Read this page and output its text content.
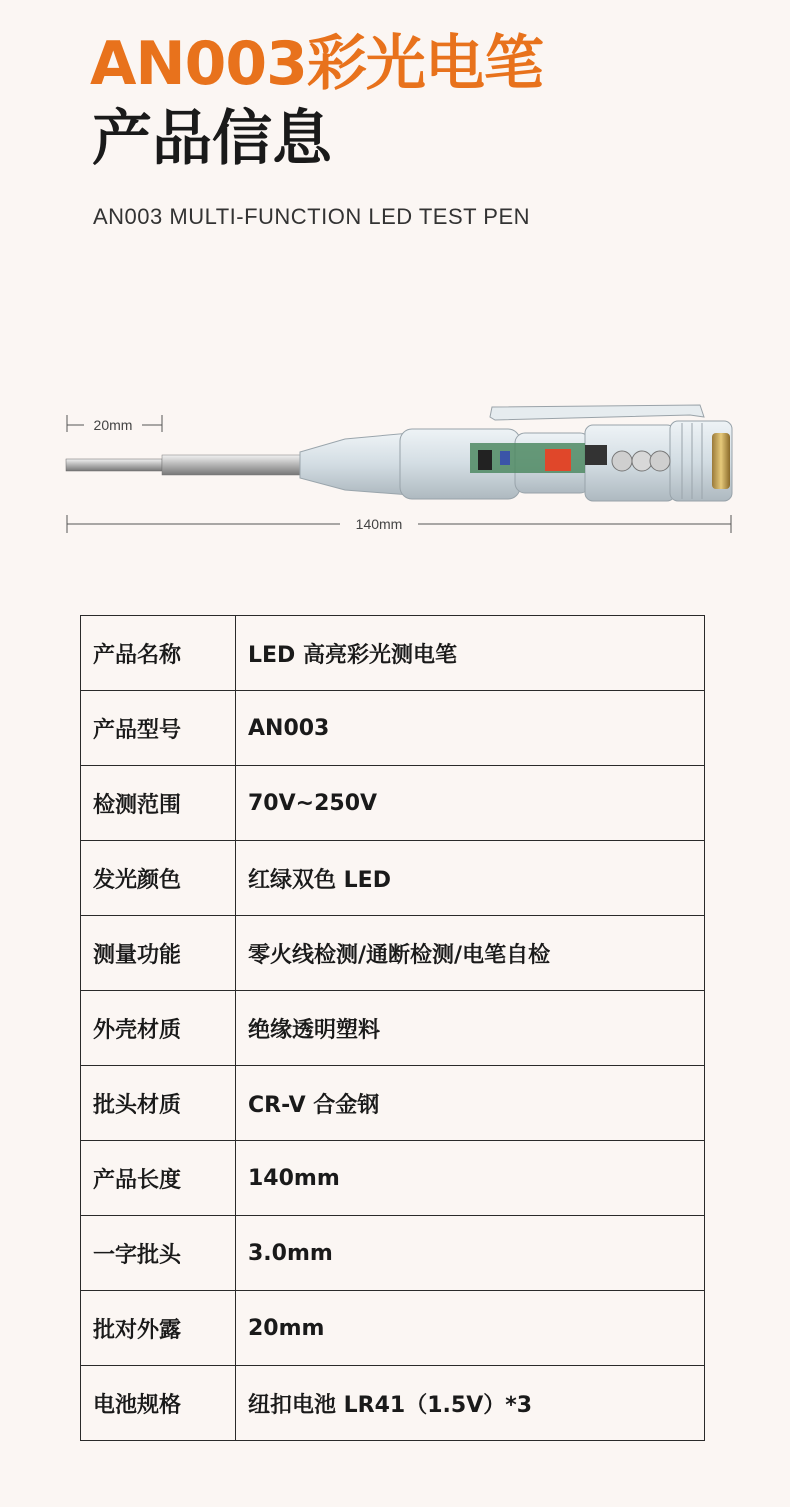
AN003彩光电笔
产品信息
AN003 MULTI-FUNCTION LED TEST PEN
20mm
140mm
产品名称	LED 高亮彩光测电笔
产品型号	AN003
检测范围	70V~250V
发光颜色	红绿双色 LED
测量功能	零火线检测/通断检测/电笔自检
外壳材质	绝缘透明塑料
批头材质	CR-V 合金钢
产品长度	140mm
一字批头	3.0mm
批对外露	20mm
电池规格	纽扣电池 LR41（1.5V）*3
